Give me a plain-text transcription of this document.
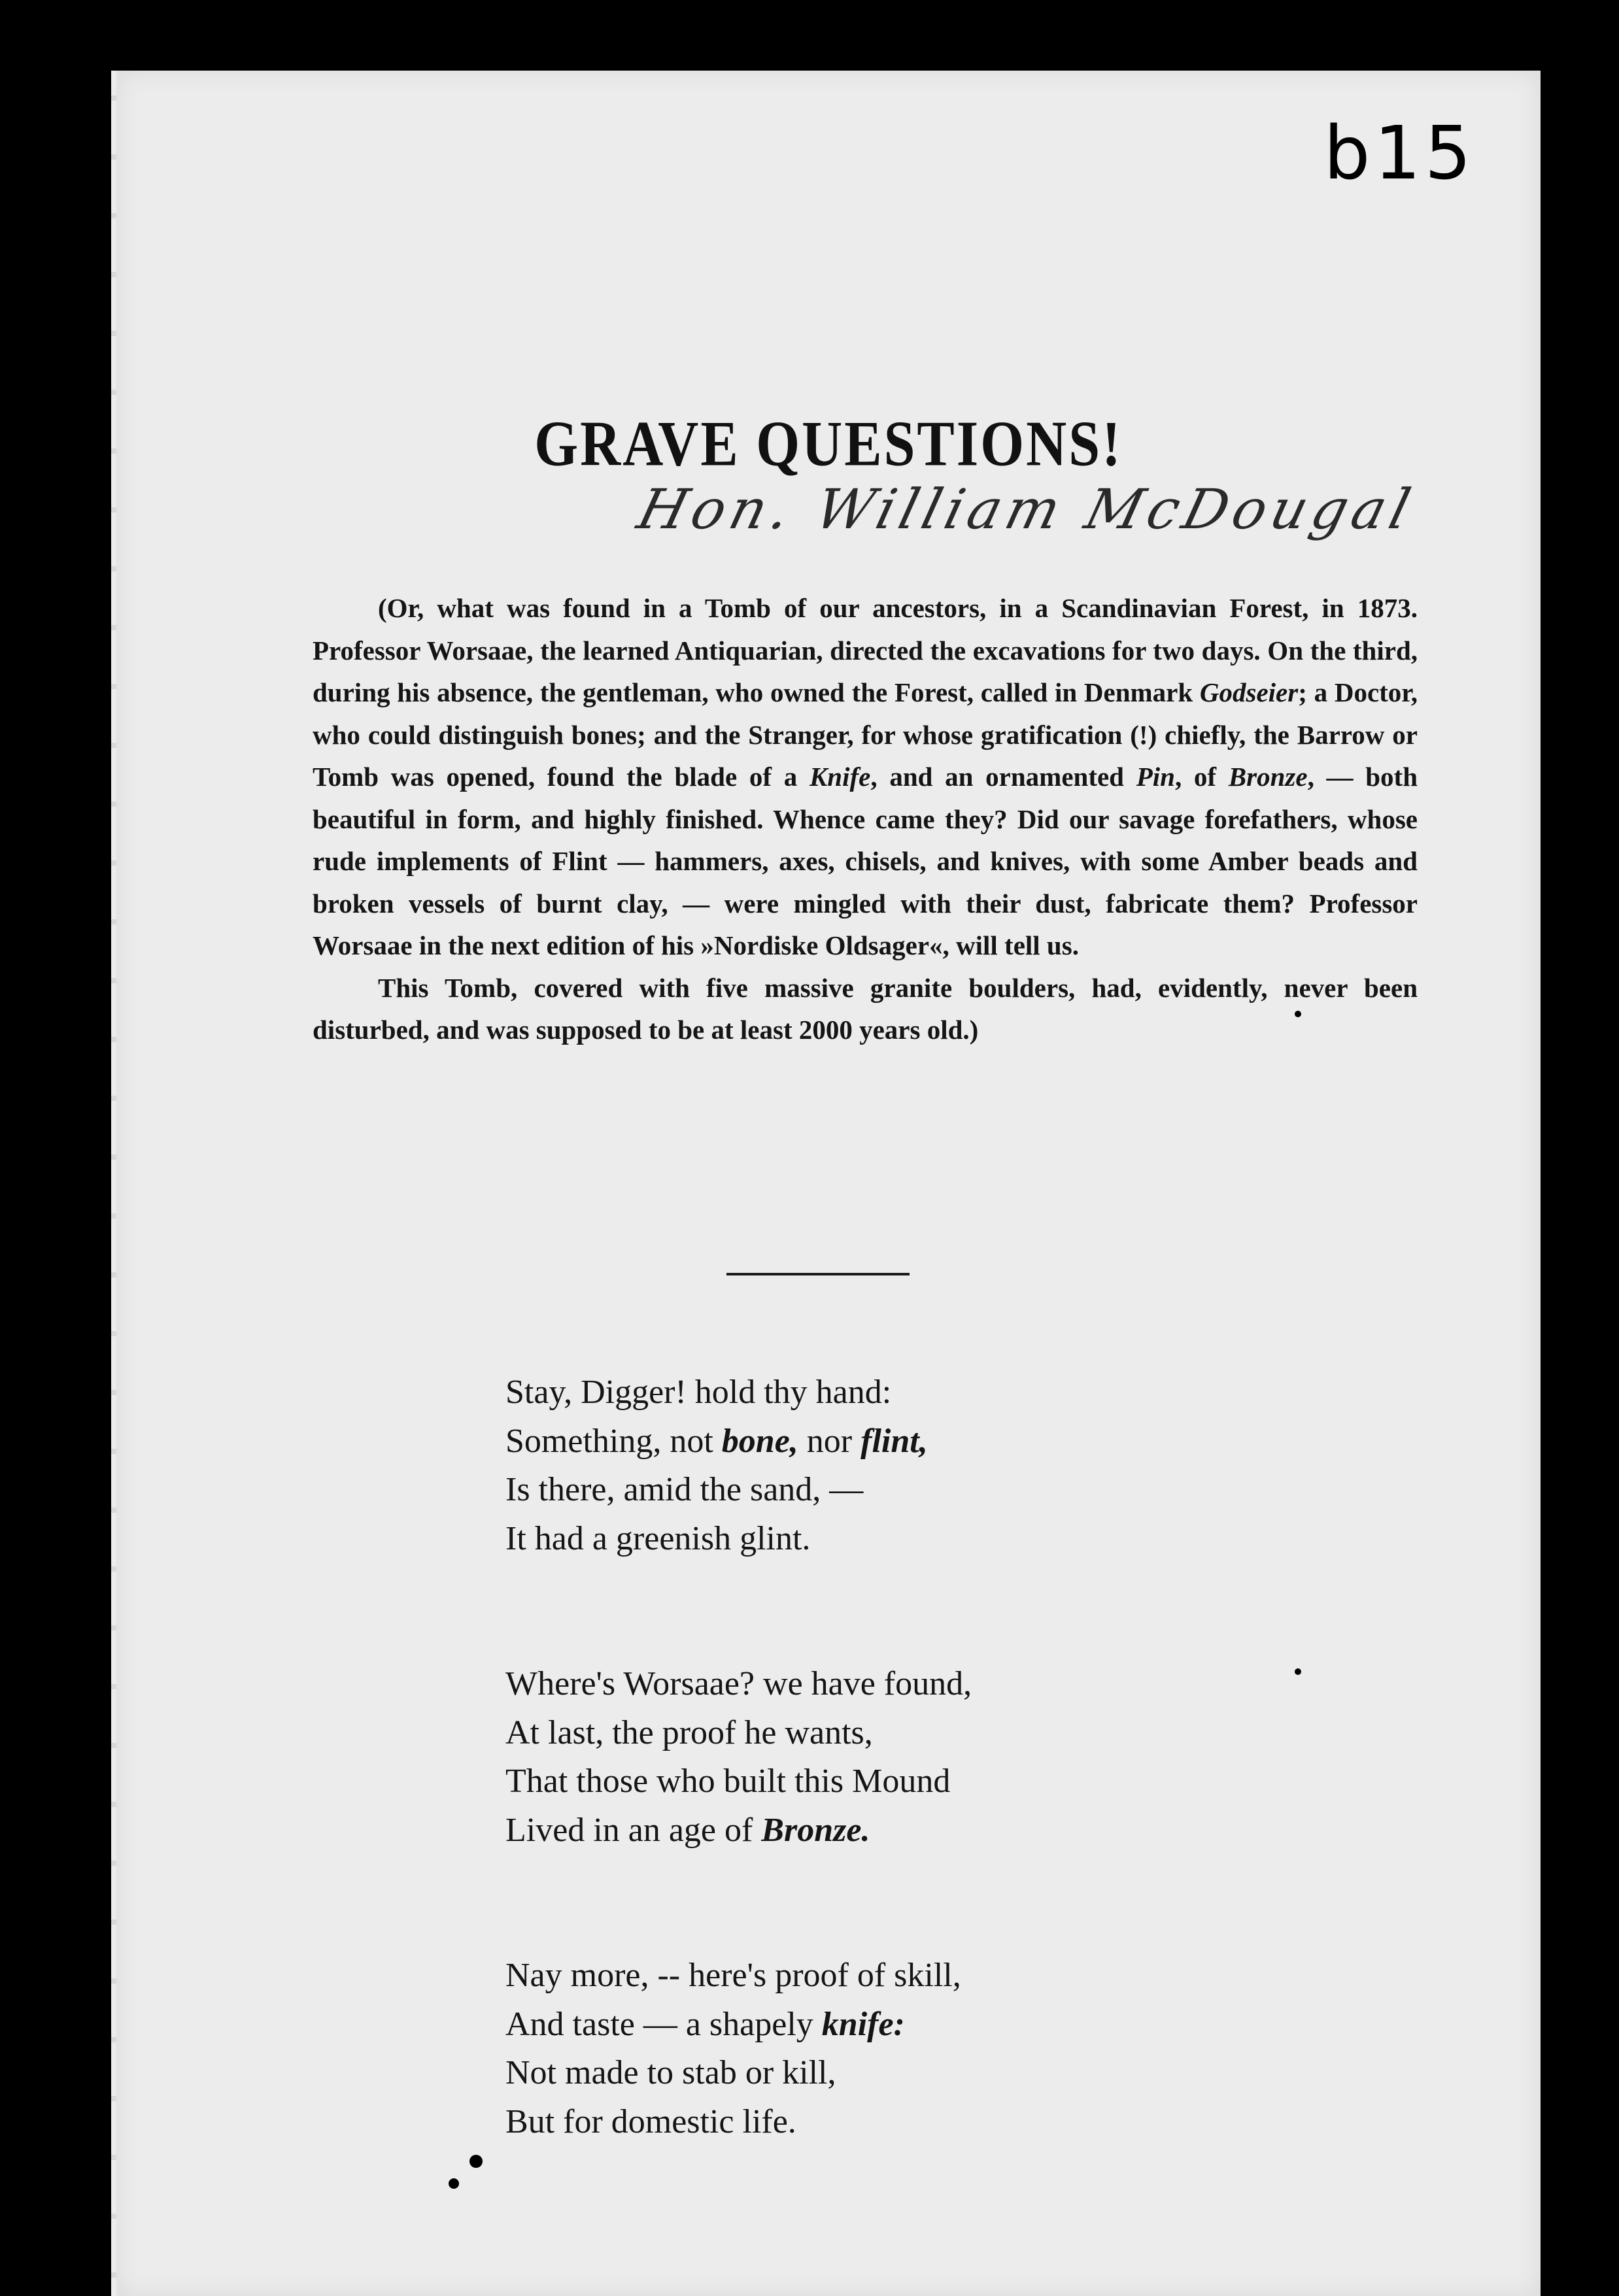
b15
GRAVE QUESTIONS!
Hon. William McDougal

(Or, what was found in a Tomb of our ancestors, in a Scandinavian Forest, in 1873. Professor Worsaae, the learned Antiquarian, directed the excavations for two days. On the third, during his absence, the gentleman, who owned the Forest, called in Denmark Godseier; a Doctor, who could distinguish bones; and the Stranger, for whose gratification (!) chiefly, the Barrow or Tomb was opened, found the blade of a Knife, and an ornamented Pin, of Bronze, — both beautiful in form, and highly finished. Whence came they? Did our savage forefathers, whose rude implements of Flint — hammers, axes, chisels, and knives, with some Amber beads and broken vessels of burnt clay, — were mingled with their dust, fabricate them? Professor Worsaae in the next edition of his »Nordiske Oldsager«, will tell us.

This Tomb, covered with five massive granite boulders, had, evidently, never been disturbed, and was supposed to be at least 2000 years old.)

Stay, Digger! hold thy hand:
Something, not bone, nor flint,
Is there, amid the sand, —
It had a greenish glint.
Where's Worsaae? we have found,
At last, the proof he wants,
That those who built this Mound
Lived in an age of Bronze.
Nay more, -- here's proof of skill,
And taste — a shapely knife:
Not made to stab or kill,
But for domestic life.
